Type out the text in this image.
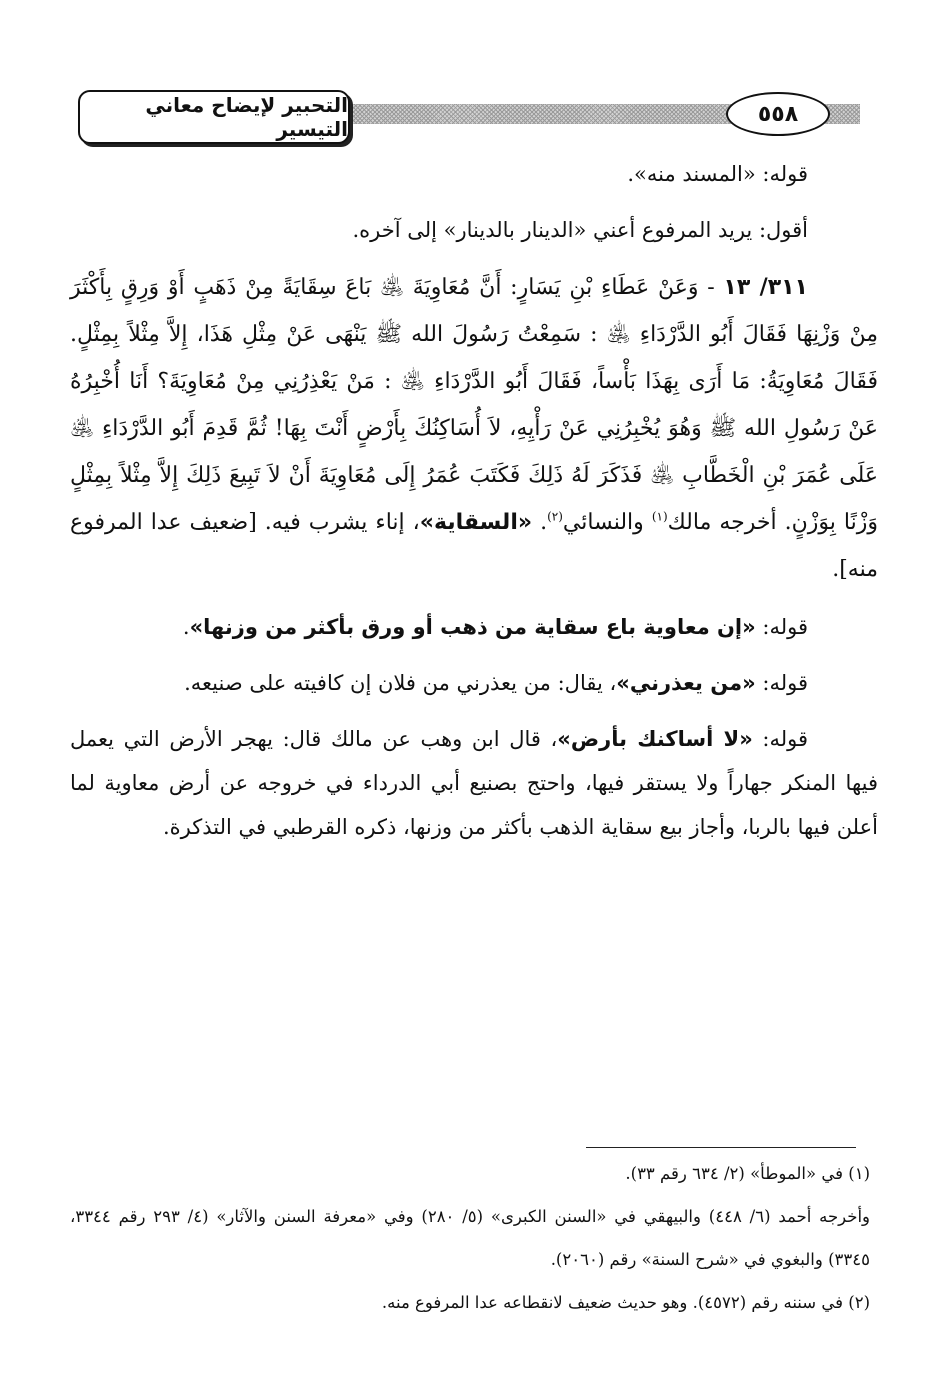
٥٥٨
التحبير لإيضاح معاني التيسير

قوله: «المسند منه».

أقول: يريد المرفوع أعني «الدينار بالدينار» إلى آخره.

٣١١/ ١٣ - وَعَنْ عَطَاءِ بْنِ يَسَارٍ: أَنَّ مُعَاوِيَةَ ﵁ بَاعَ سِقَايَةً مِنْ ذَهَبٍ أَوْ وَرِقٍ بِأَكْثَرَ مِنْ وَزْنِهَا فَقَالَ أَبُو الدَّرْدَاءِ ﵁ : سَمِعْتُ رَسُولَ الله ﷺ يَنْهَى عَنْ مِثْلِ هَذَا، إِلاَّ مِثْلاً بِمِثْلٍ. فَقَالَ مُعَاوِيَةُ: مَا أَرَى بِهَذَا بَأْساً، فَقَالَ أَبُو الدَّرْدَاءِ ﵁ : مَنْ يَعْذِرُنِي مِنْ مُعَاوِيَةَ؟ أَنَا أُخْبِرُهُ عَنْ رَسُولِ الله ﷺ وَهُوَ يُخْبِرُنِي عَنْ رَأْيِهِ، لاَ أُسَاكِنُكَ بِأَرْضٍ أَنْتَ بِهَا! ثُمَّ قَدِمَ أَبُو الدَّرْدَاءِ ﵁ عَلَى عُمَرَ بْنِ الْخَطَّابِ ﵁ فَذَكَرَ لَهُ ذَلِكَ فَكَتَبَ عُمَرُ إِلَى مُعَاوِيَةَ أَنْ لاَ تَبِيعَ ذَلِكَ إِلاَّ مِثْلاً بِمِثْلٍ وَزْنًا بِوَزْنٍ. أخرجه مالك$^{(١)}$ والنسائي$^{(٢)}$. «السقاية»، إناء يشرب فيه. [ضعيف عدا المرفوع منه].

قوله: «إن معاوية باع سقاية من ذهب أو ورق بأكثر من وزنها».

قوله: «من يعذرني»، يقال: من يعذرني من فلان إن كافيته على صنيعه.

قوله: «لا أساكنك بأرض»، قال ابن وهب عن مالك قال: يهجر الأرض التي يعمل فيها المنكر جهاراً ولا يستقر فيها، واحتج بصنيع أبي الدرداء في خروجه عن أرض معاوية لما أعلن فيها بالربا، وأجاز بيع سقاية الذهب بأكثر من وزنها، ذكره القرطبي في التذكرة.

(١) في «الموطأ» (٢/ ٦٣٤ رقم ٣٣).

وأخرجه أحمد (٦/ ٤٤٨) والبيهقي في «السنن الكبرى» (٥/ ٢٨٠) وفي «معرفة السنن والآثار» (٤/ ٢٩٣ رقم ٣٣٤٤، ٣٣٤٥) والبغوي في «شرح السنة» رقم (٢٠٦٠).

(٢) في سننه رقم (٤٥٧٢). وهو حديث ضعيف لانقطاعه عدا المرفوع منه.
